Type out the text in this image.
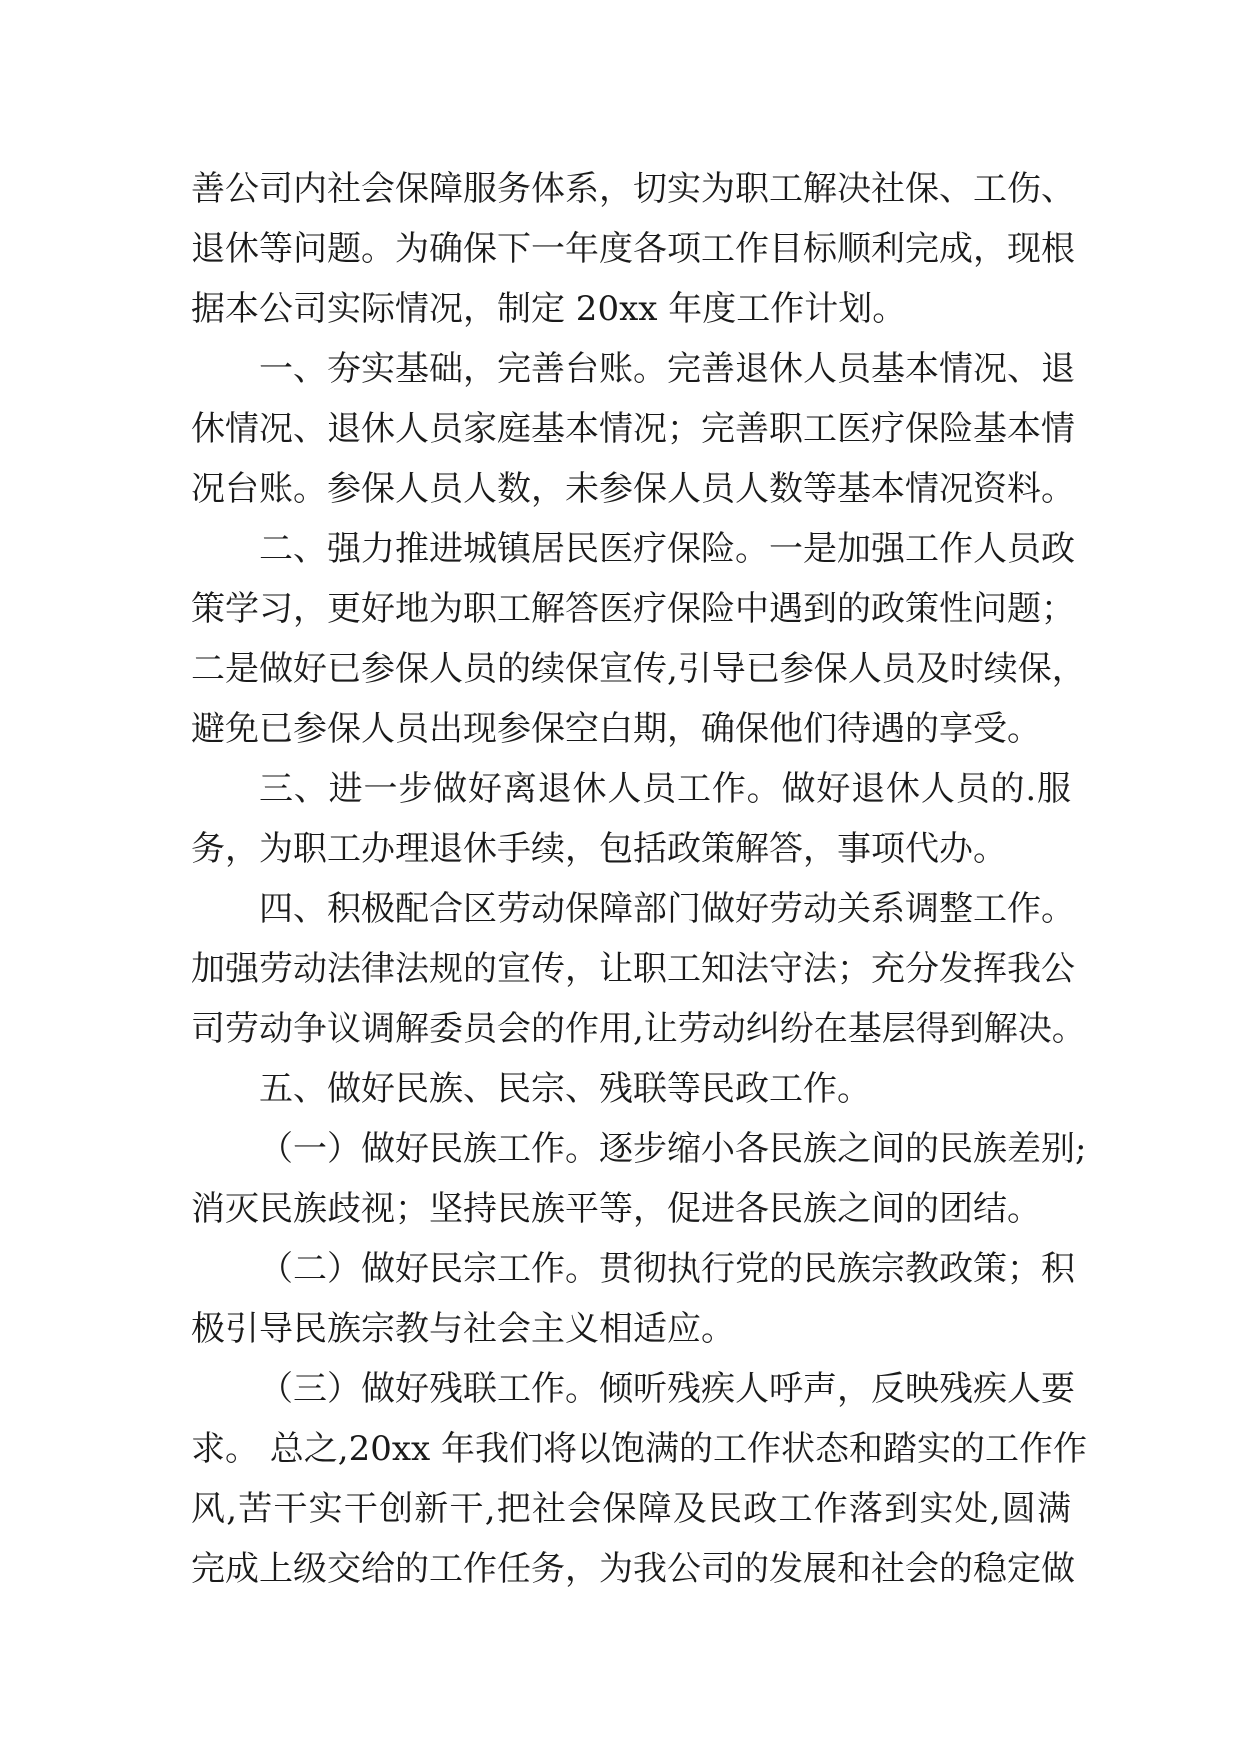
善公司内社会保障服务体系，切实为职工解决社保、工伤、
退休等问题。为确保下一年度各项工作目标顺利完成，现根
据本公司实际情况，制定 20xx 年度工作计划。
一、夯实基础，完善台账。完善退休人员基本情况、退
休情况、退休人员家庭基本情况；完善职工医疗保险基本情
况台账。参保人员人数，未参保人员人数等基本情况资料。
二、强力推进城镇居民医疗保险。一是加强工作人员政
策学习，更好地为职工解答医疗保险中遇到的政策性问题；
二是做好已参保人员的续保宣传,引导已参保人员及时续保，
避免已参保人员出现参保空白期，确保他们待遇的享受。
三、进一步做好离退休人员工作。做好退休人员的.服
务，为职工办理退休手续，包括政策解答，事项代办。
四、积极配合区劳动保障部门做好劳动关系调整工作。
加强劳动法律法规的宣传，让职工知法守法；充分发挥我公
司劳动争议调解委员会的作用,让劳动纠纷在基层得到解决。
五、做好民族、民宗、残联等民政工作。
（一）做好民族工作。逐步缩小各民族之间的民族差别;
消灭民族歧视；坚持民族平等，促进各民族之间的团结。
（二）做好民宗工作。贯彻执行党的民族宗教政策；积
极引导民族宗教与社会主义相适应。
（三）做好残联工作。倾听残疾人呼声，反映残疾人要
求。 总之,20xx 年我们将以饱满的工作状态和踏实的工作作
风,苦干实干创新干,把社会保障及民政工作落到实处,圆满
完成上级交给的工作任务，为我公司的发展和社会的稳定做
